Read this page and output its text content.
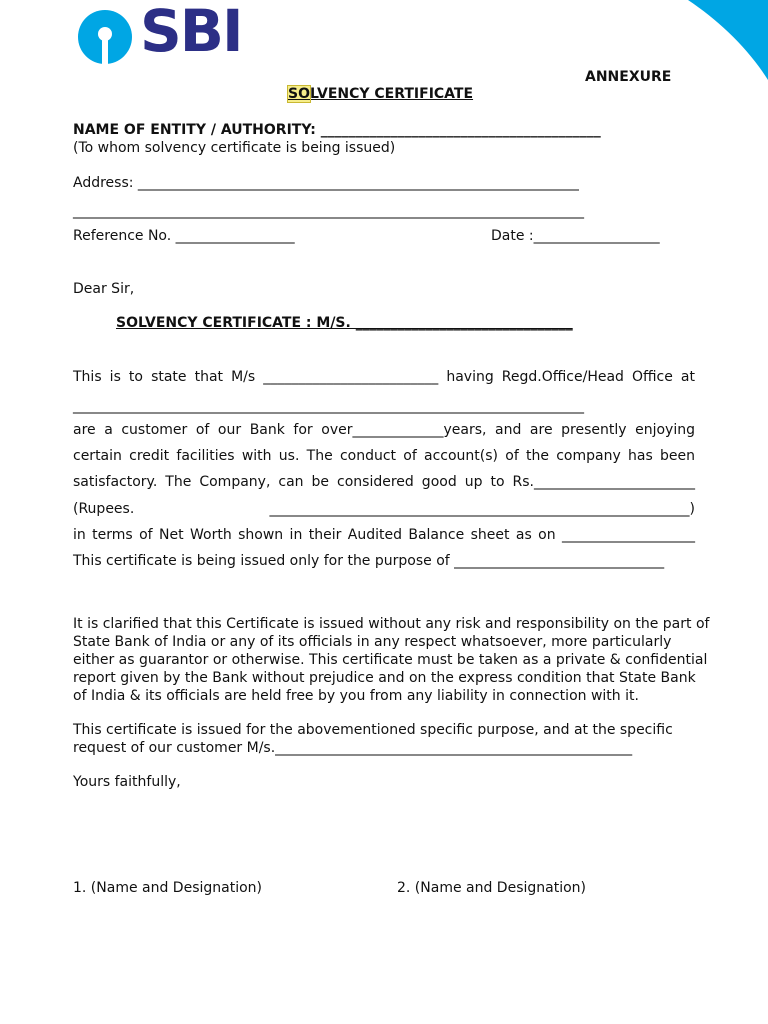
SBI
ANNEXURE
SOLVENCY CERTIFICATE
NAME OF ENTITY / AUTHORITY: ________________________________________
(To whom solvency certificate is being issued)
Address: _______________________________________________________________
_________________________________________________________________________
Reference No. _________________	Date :__________________
Dear Sir,
SOLVENCY CERTIFICATE : M/S. _______________________________
This is to state that M/s _________________________ having Regd.Office/Head Office at
_________________________________________________________________________
are a customer of our Bank for over_____________years, and are presently enjoying
certain credit facilities with us. The conduct of account(s) of the company has been
satisfactory. The Company, can be considered good up to Rs._______________________
(Rupees. ____________________________________________________________)
in terms of Net Worth shown in their Audited Balance sheet as on ___________________
This certificate is being issued only for the purpose of ______________________________

It is clarified that this Certificate is issued without any risk and responsibility on the part of

State Bank of India or any of its officials in any respect whatsoever, more particularly

either as guarantor or otherwise. This certificate must be taken as a private & confidential

report given by the Bank without prejudice and on the express condition that State Bank

of India & its officials are held free by you from any liability in connection with it.

This certificate is issued for the abovementioned specific purpose, and at the specific

request of our customer M/s.___________________________________________________

Yours faithfully,
1. (Name and Designation)	2. (Name and Designation)
